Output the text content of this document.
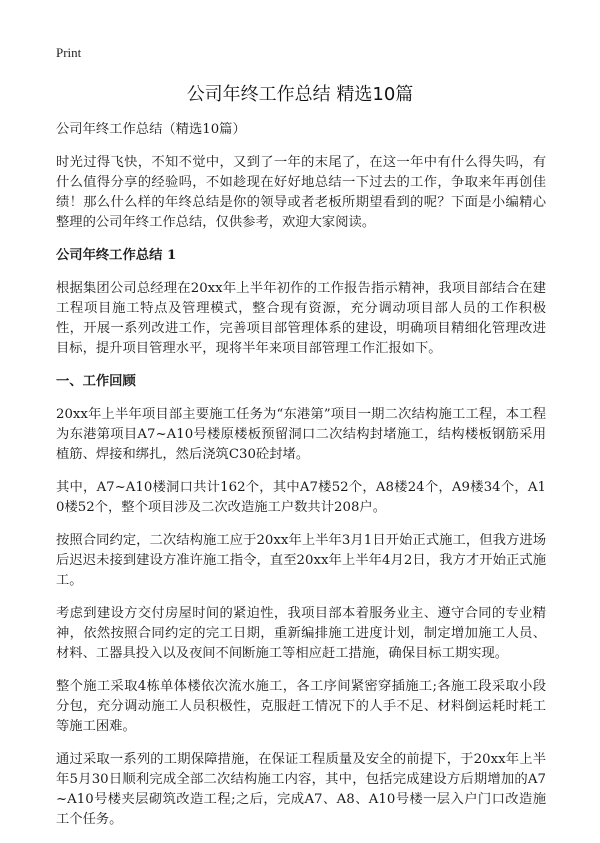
Print
公司年终工作总结 精选10篇

公司年终工作总结（精选10篇）

时光过得飞快，不知不觉中，又到了一年的末尾了，在这一年中有什么得失吗，有什么值得分享的经验吗，不如趁现在好好地总结一下过去的工作，争取来年再创佳绩！那么什么样的年终总结是你的领导或者老板所期望看到的呢？下面是小编精心整理的公司年终工作总结，仅供参考，欢迎大家阅读。

公司年终工作总结 1

根据集团公司总经理在20xx年上半年初作的工作报告指示精神，我项目部结合在建工程项目施工特点及管理模式，整合现有资源，充分调动项目部人员的工作积极性，开展一系列改进工作，完善项目部管理体系的建设，明确项目精细化管理改进目标，提升项目管理水平，现将半年来项目部管理工作汇报如下。

一、工作回顾

20xx年上半年项目部主要施工任务为“东港第”项目一期二次结构施工工程，本工程为东港第项目A7~A10号楼原楼板预留洞口二次结构封堵施工，结构楼板钢筋采用植筋、焊接和绑扎，然后浇筑C30砼封堵。

其中，A7~A10楼洞口共计162个，其中A7楼52个，A8楼24个，A9楼34个，A10楼52个，整个项目涉及二次改造施工户数共计208户。

按照合同约定，二次结构施工应于20xx年上半年3月1日开始正式施工，但我方进场后迟迟未接到建设方准许施工指令，直至20xx年上半年4月2日，我方才开始正式施工。

考虑到建设方交付房屋时间的紧迫性，我项目部本着服务业主、遵守合同的专业精神，依然按照合同约定的完工日期，重新编排施工进度计划，制定增加施工人员、材料、工器具投入以及夜间不间断施工等相应赶工措施，确保目标工期实现。

整个施工采取4栋单体楼依次流水施工，各工序间紧密穿插施工;各施工段采取小段分包，充分调动施工人员积极性，克服赶工情况下的人手不足、材料倒运耗时耗工等施工困难。

通过采取一系列的工期保障措施，在保证工程质量及安全的前提下，于20xx年上半年5月30日顺利完成全部二次结构施工内容，其中，包括完成建设方后期增加的A7~A10号楼夹层砌筑改造工程;之后，完成A7、A8、A10号楼一层入户门口改造施工个任务。
